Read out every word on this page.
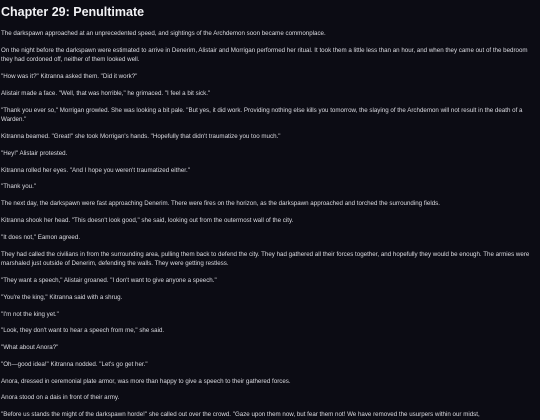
Chapter 29: Penultimate
The darkspawn approached at an unprecedented speed, and sightings of the Archdemon soon became commonplace.
On the night before the darkspawn were estimated to arrive in Denerim, Alistair and Morrigan performed her ritual. It took them a little less than an hour, and when they came out of the bedroom they had cordoned off, neither of them looked well.
"How was it?" Kitranna asked them. "Did it work?"
Alistair made a face. "Well, that was horrible," he grimaced. "I feel a bit sick."
"Thank you ever so," Morrigan growled. She was looking a bit pale. "But yes, it did work. Providing nothing else kills you tomorrow, the slaying of the Archdemon will not result in the death of a Warden."
Kitranna beamed. "Great!" she took Morrigan's hands. "Hopefully that didn't traumatize you too much."
"Hey!" Alistair protested.
Kitranna rolled her eyes. "And I hope you weren't traumatized either."
"Thank you."
The next day, the darkspawn were fast approaching Denerim. There were fires on the horizon, as the darkspawn approached and torched the surrounding fields.
Kitranna shook her head. "This doesn't look good," she said, looking out from the outermost wall of the city.
"It does not," Eamon agreed.
They had called the civilians in from the surrounding area, pulling them back to defend the city. They had gathered all their forces together, and hopefully they would be enough. The armies were marshaled just outside of Denerim, defending the walls. They were getting restless.
"They want a speech," Alistair groaned. "I don't want to give anyone a speech."
"You're the king," Kitranna said with a shrug.
"I'm not the king yet."
"Look, they don't want to hear a speech from me," she said.
"What about Anora?"
"Oh—good idea!" Kitranna nodded. "Let's go get her."
Anora, dressed in ceremonial plate armor, was more than happy to give a speech to their gathered forces.
Anora stood on a dais in front of their army.
"Before us stands the might of the darkspawn horde!" she called out over the crowd. "Gaze upon them now, but fear them not! We have removed the usurpers within our midst,
